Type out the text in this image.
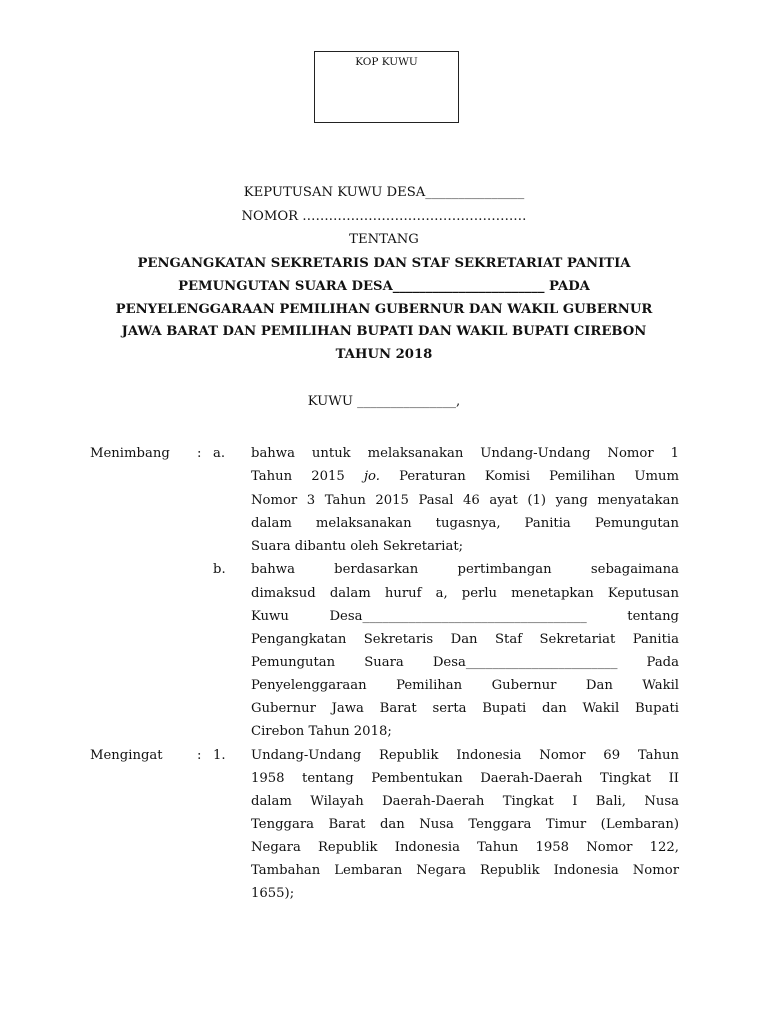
KOP KUWU
KEPUTUSAN KUWU DESA_______________
NOMOR ……………………………………………
TENTANG
PENGANGKATAN SEKRETARIS DAN STAF SEKRETARIAT PANITIA
PEMUNGUTAN SUARA DESA_______________________ PADA
PENYELENGGARAAN PEMILIHAN GUBERNUR DAN WAKIL GUBERNUR
JAWA BARAT DAN PEMILIHAN BUPATI DAN WAKIL BUPATI CIREBON
TAHUN 2018
KUWU _______________,
Menimbang : a. bahwa untuk melaksanakan Undang-Undang Nomor 1
Tahun 2015 jo. Peraturan Komisi Pemilihan Umum
Nomor 3 Tahun 2015 Pasal 46 ayat (1) yang menyatakan
dalam melaksanakan tugasnya, Panitia Pemungutan
Suara dibantu oleh Sekretariat;
b. bahwa berdasarkan pertimbangan sebagaimana
dimaksud dalam huruf a, perlu menetapkan Keputusan
Kuwu Desa__________________________________ tentang
Pengangkatan Sekretaris Dan Staf Sekretariat Panitia
Pemungutan Suara Desa_______________________ Pada
Penyelenggaraan Pemilihan Gubernur Dan Wakil
Gubernur Jawa Barat serta Bupati dan Wakil Bupati
Cirebon Tahun 2018;
Mengingat	: 1. Undang-Undang Republik Indonesia Nomor 69 Tahun
1958 tentang Pembentukan Daerah-Daerah Tingkat II
dalam Wilayah Daerah-Daerah Tingkat I Bali, Nusa
Tenggara Barat dan Nusa Tenggara Timur (Lembaran)
Negara Republik Indonesia Tahun 1958 Nomor 122,
Tambahan Lembaran Negara Republik Indonesia Nomor
1655);
